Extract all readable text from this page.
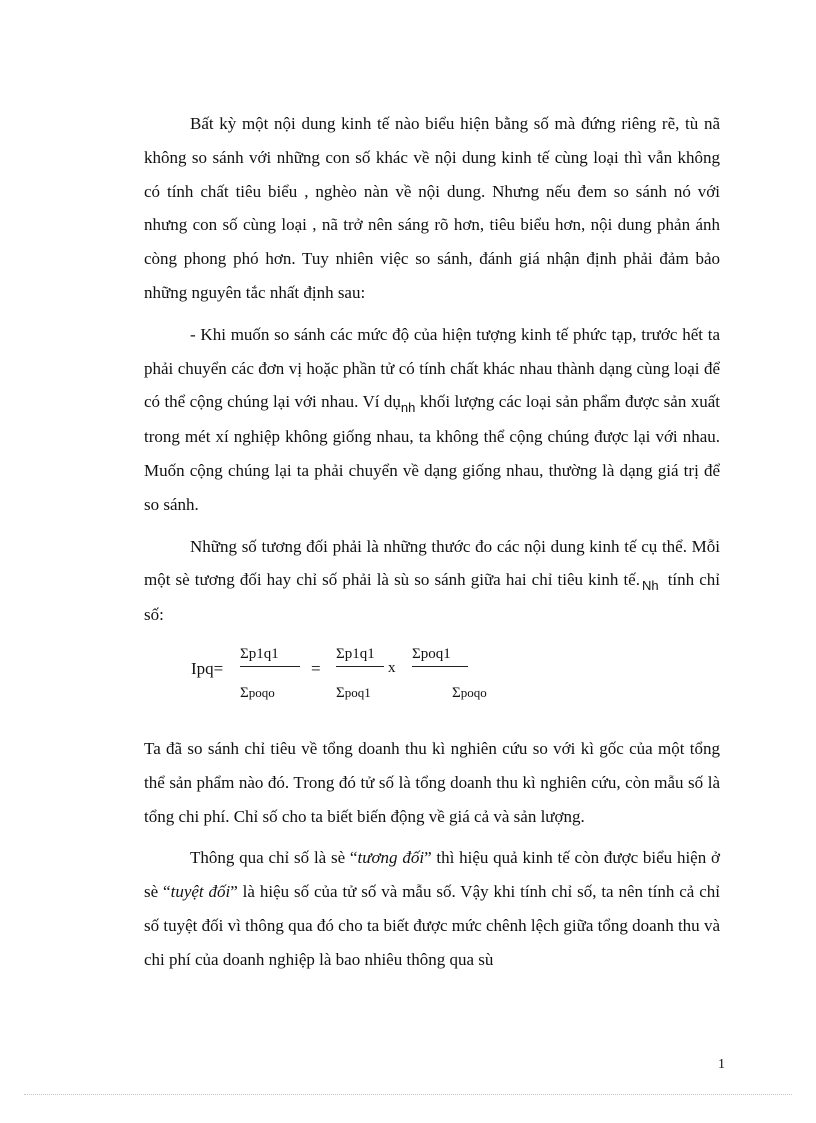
Bất kỳ một nội dung kinh tế nào biểu hiện bằng số mà đứng riêng rẽ, tù nã không so sánh với những con số khác về nội dung kinh tế cùng loại thì vẫn không có tính chất tiêu biểu , nghèo nàn về nội dung. Nhưng nếu đem so sánh nó với nhưng con số cùng loại , nã trở nên sáng rõ hơn, tiêu biểu hơn, nội dung phản ánh còng phong phó hơn. Tuy nhiên việc so sánh, đánh giá nhận định phải đảm bảo những nguyên tắc nhất định sau:

- Khi muốn so sánh các mức độ của hiện tượng kinh tế phức tạp, trước hết ta phải chuyển các đơn vị hoặc phần tử có tính chất khác nhau thành dạng cùng loại để có thể cộng chúng lại với nhau. Ví dụ$_{nh}$ khối lượng các loại sản phẩm được sản xuất trong mét xí nghiệp không giống nhau, ta không thể cộng chúng được lại với nhau. Muốn cộng chúng lại ta phải chuyển về dạng giống nhau, thường là dạng giá trị để so sánh.

Những số tương đối phải là những thước đo các nội dung kinh tế cụ thể. Mỗi một sè tương đối hay chỉ số phải là sù so sánh giữa hai chỉ tiêu kinh tế. $_{Nh}$ tính chỉ số:

Ipq=
Σp1q1
Σpoqo
=
Σp1q1
Σpoq1
x
Σpoq1
Σpoqo

Ta đã so sánh chỉ tiêu về tổng doanh thu kì nghiên cứu so với kì gốc của một tổng thể sản phẩm nào đó. Trong đó tử số là tổng doanh thu kì nghiên cứu, còn mẫu số là tổng chi phí. Chỉ số cho ta biết biến động về giá cả và sản lượng.

Thông qua chỉ số là sè “tương đối” thì hiệu quả kinh tế còn được biểu hiện ở sè “tuyệt đối” là hiệu số của tử số và mẫu số. Vậy khi tính chỉ số, ta nên tính cả chỉ số tuyệt đối vì thông qua đó cho ta biết được mức chênh lệch giữa tổng doanh thu và chi phí của doanh nghiệp là bao nhiêu thông qua sù

1
